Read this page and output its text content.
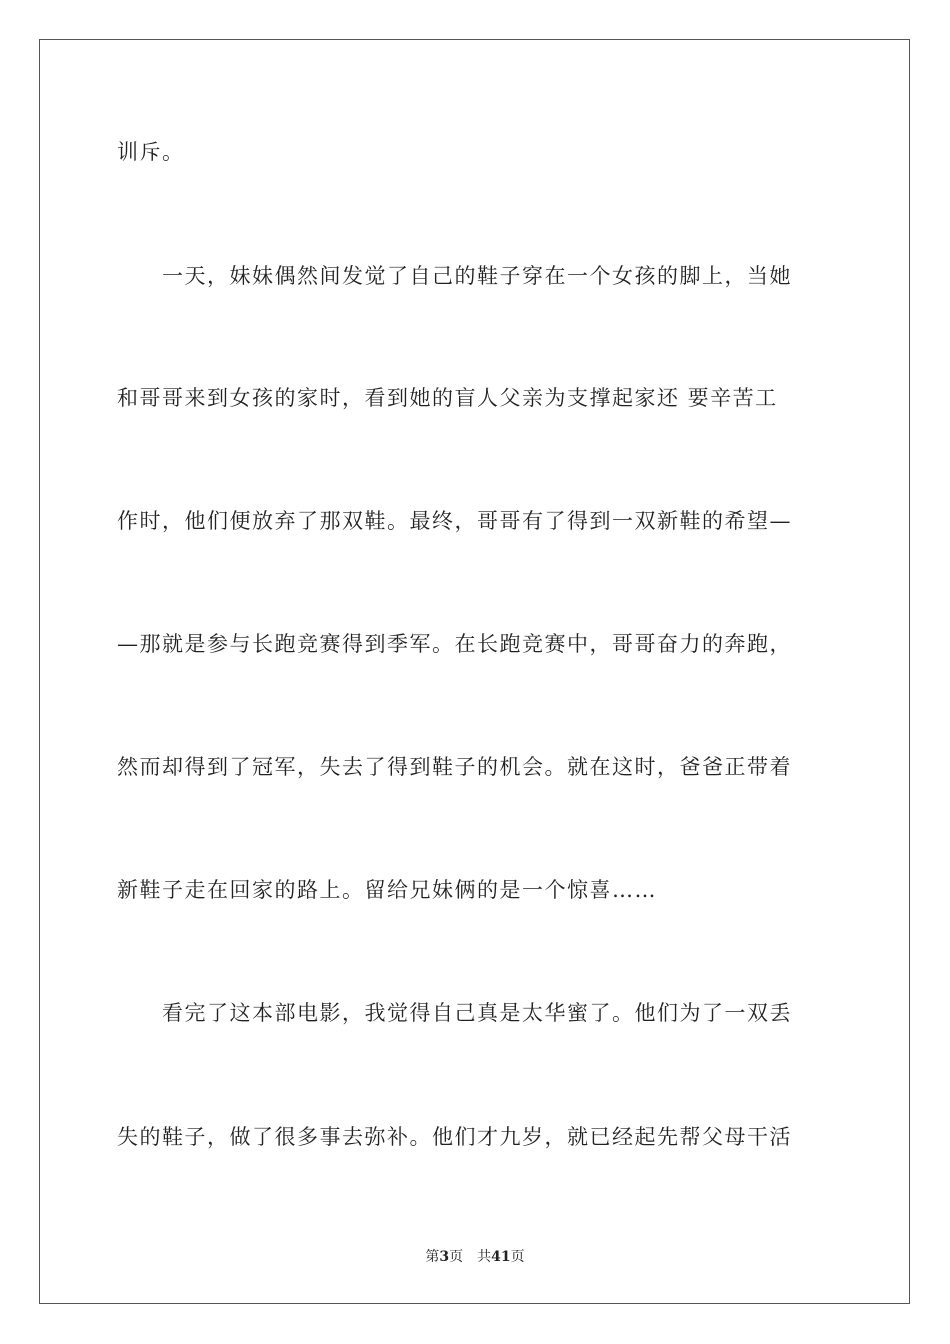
训斥。
　　一天，妹妹偶然间发觉了自己的鞋子穿在一个女孩的脚上，当她
和哥哥来到女孩的家时，看到她的盲人父亲为支撑起家还 要辛苦工
作时，他们便放弃了那双鞋。最终，哥哥有了得到一双新鞋的希望—
—那就是参与长跑竞赛得到季军。在长跑竞赛中，哥哥奋力的奔跑，
然而却得到了冠军，失去了得到鞋子的机会。就在这时，爸爸正带着
新鞋子走在回家的路上。留给兄妹俩的是一个惊喜……
　　看完了这本部电影，我觉得自己真是太华蜜了。他们为了一双丢
失的鞋子，做了很多事去弥补。他们才九岁，就已经起先帮父母干活
第3页 共41页
